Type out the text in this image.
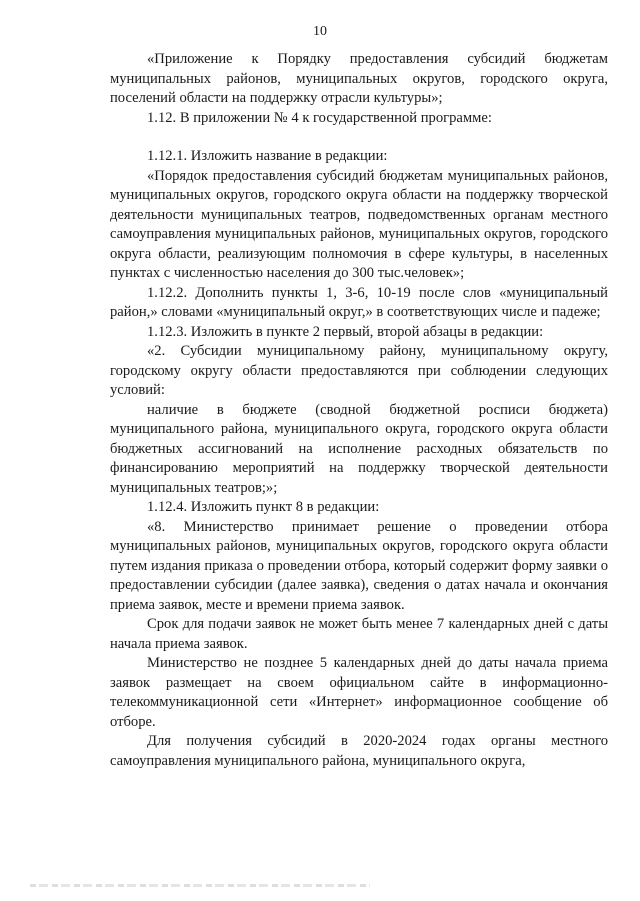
10

«Приложение к Порядку предоставления субсидий бюджетам муниципальных районов, муниципальных округов, городского округа, поселений области на поддержку отрасли культуры»;

1.12. В приложении № 4 к государственной программе:

1.12.1. Изложить название в редакции:

«Порядок предоставления субсидий бюджетам муниципальных районов, муниципальных округов, городского округа области на поддержку творческой деятельности муниципальных театров, подведомственных органам местного самоуправления муниципальных районов, муниципальных округов, городского округа области, реализующим полномочия в сфере культуры, в населенных пунктах с численностью населения до 300 тыс.человек»;

1.12.2. Дополнить пункты 1, 3-6, 10-19 после слов «муниципальный район,» словами «муниципальный округ,» в соответствующих числе и падеже;

1.12.3. Изложить в пункте 2 первый, второй абзацы в редакции:

«2. Субсидии муниципальному району, муниципальному округу, городскому округу области предоставляются при соблюдении следующих условий:

наличие в бюджете (сводной бюджетной росписи бюджета) муниципального района, муниципального округа, городского округа области бюджетных ассигнований на исполнение расходных обязательств по финансированию мероприятий на поддержку творческой деятельности муниципальных театров;»;

1.12.4. Изложить пункт 8 в редакции:

«8. Министерство принимает решение о проведении отбора муниципальных районов, муниципальных округов, городского округа области путем издания приказа о проведении отбора, который содержит форму заявки о предоставлении субсидии (далее заявка), сведения о датах начала и окончания приема заявок, месте и времени приема заявок.

Срок для подачи заявок не может быть менее 7 календарных дней с даты начала приема заявок.

Министерство не позднее 5 календарных дней до даты начала приема заявок размещает на своем официальном сайте в информационно-телекоммуникационной сети «Интернет» информационное сообщение об отборе.

Для получения субсидий в 2020-2024 годах органы местного самоуправления муниципального района, муниципального округа,
